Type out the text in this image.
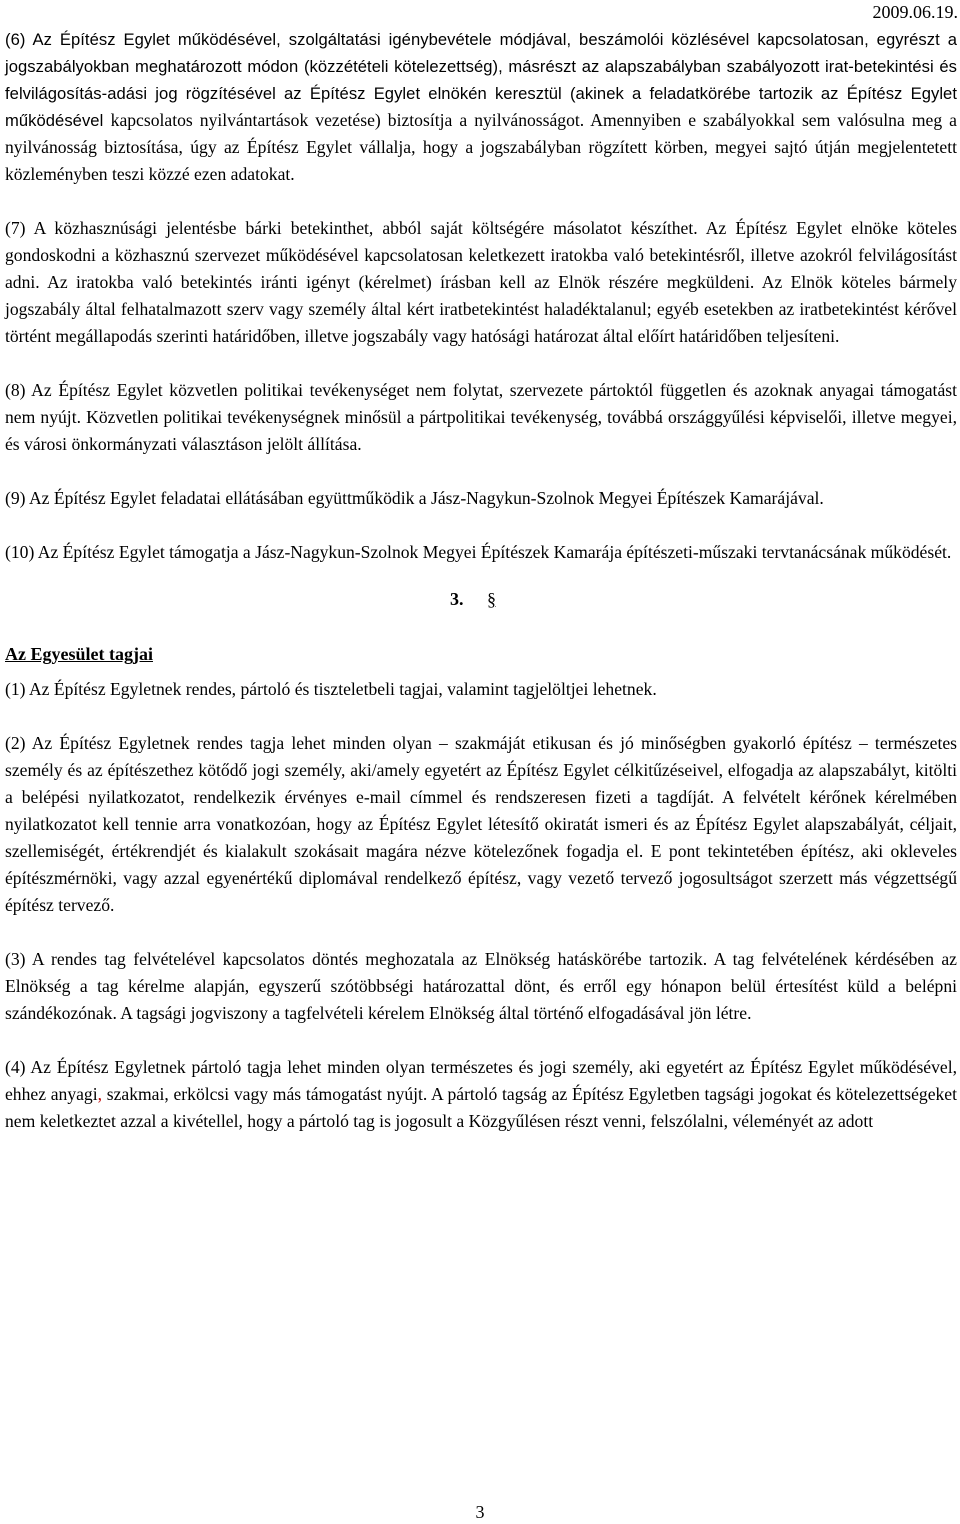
2009.06.19.

(6) Az Építész Egylet működésével, szolgáltatási igénybevétele módjával, beszámolói közlésével kapcsolatosan, egyrészt a jogszabályokban meghatározott módon (közzétételi kötelezettség), másrészt az alapszabályban szabályozott irat-betekintési és felvilágosítás-adási jog rögzítésével az Építész Egylet elnökén keresztül (akinek a feladatkörébe tartozik az Építész Egylet működésével kapcsolatos nyilvántartások vezetése) biztosítja a nyilvánosságot. Amennyiben e szabályokkal sem valósulna meg a nyilvánosság biztosítása, úgy az Építész Egylet vállalja, hogy a jogszabályban rögzített körben, megyei sajtó útján megjelentetett közleményben teszi közzé ezen adatokat.

(7) A közhasznúsági jelentésbe bárki betekinthet, abból saját költségére másolatot készíthet. Az Építész Egylet elnöke köteles gondoskodni a közhasznú szervezet működésével kapcsolatosan keletkezett iratokba való betekintésről, illetve azokról felvilágosítást adni. Az iratokba való betekintés iránti igényt (kérelmet) írásban kell az Elnök részére megküldeni. Az Elnök köteles bármely jogszabály által felhatalmazott szerv vagy személy által kért iratbetekintést haladéktalanul; egyéb esetekben az iratbetekintést kérővel történt megállapodás szerinti határidőben, illetve jogszabály vagy hatósági határozat által előírt határidőben teljesíteni.

(8) Az Építész Egylet közvetlen politikai tevékenységet nem folytat, szervezete pártoktól független és azoknak anyagai támogatást nem nyújt. Közvetlen politikai tevékenységnek minősül a pártpolitikai tevékenység, továbbá országgyűlési képviselői, illetve megyei, és városi önkormányzati választáson jelölt állítása.

(9) Az Építész Egylet feladatai ellátásában együttműködik a Jász-Nagykun-Szolnok Megyei Építészek Kamarájával.

(10) Az Építész Egylet támogatja a Jász-Nagykun-Szolnok Megyei Építészek Kamarája építészeti-műszaki tervtanácsának működését.

3. §
Az Egyesület tagjai

(1) Az Építész Egyletnek rendes, pártoló és tiszteletbeli tagjai, valamint tagjelöltjei lehetnek.

(2) Az Építész Egyletnek rendes tagja lehet minden olyan – szakmáját etikusan és jó minőségben gyakorló építész – természetes személy és az építészethez kötődő jogi személy, aki/amely egyetért az Építész Egylet célkitűzéseivel, elfogadja az alapszabályt, kitölti a belépési nyilatkozatot, rendelkezik érvényes e-mail címmel és rendszeresen fizeti a tagdíját. A felvételt kérőnek kérelmében nyilatkozatot kell tennie arra vonatkozóan, hogy az Építész Egylet létesítő okiratát ismeri és az Építész Egylet alapszabályát, céljait, szellemiségét, értékrendjét és kialakult szokásait magára nézve kötelezőnek fogadja el. E pont tekintetében építész, aki okleveles építészmérnöki, vagy azzal egyenértékű diplomával rendelkező építész, vagy vezető tervező jogosultságot szerzett más végzettségű építész tervező.

(3) A rendes tag felvételével kapcsolatos döntés meghozatala az Elnökség hatáskörébe tartozik. A tag felvételének kérdésében az Elnökség a tag kérelme alapján, egyszerű szótöbbségi határozattal dönt, és erről egy hónapon belül értesítést küld a belépni szándékozónak. A tagsági jogviszony a tagfelvételi kérelem Elnökség által történő elfogadásával jön létre.

(4) Az Építész Egyletnek pártoló tagja lehet minden olyan természetes és jogi személy, aki egyetért az Építész Egylet működésével, ehhez anyagi, szakmai, erkölcsi vagy más támogatást nyújt. A pártoló tagság az Építész Egyletben tagsági jogokat és kötelezettségeket nem keletkeztet azzal a kivétellel, hogy a pártoló tag is jogosult a Közgyűlésen részt venni, felszólalni, véleményét az adott

3
